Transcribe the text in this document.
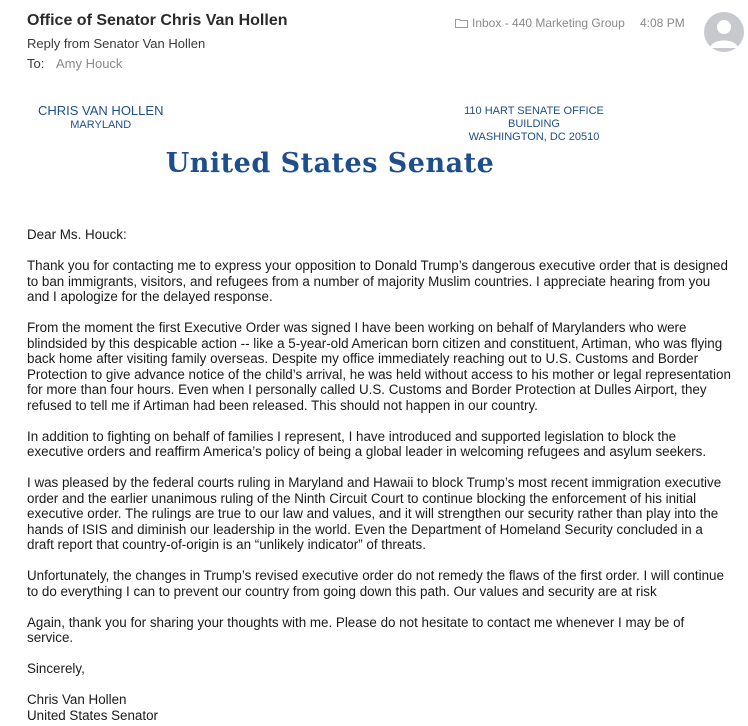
Office of Senator Chris Van Hollen
Reply from Senator Van Hollen
To: Amy Houck
Inbox - 440 Marketing Group 4:08 PM
CHRIS VAN HOLLEN
MARYLAND
110 HART SENATE OFFICE BUILDING
WASHINGTON, DC 20510
United States Senate

Dear Ms. Houck:

Thank you for contacting me to express your opposition to Donald Trump’s dangerous executive order that is designed to ban immigrants, visitors, and refugees from a number of majority Muslim countries. I appreciate hearing from you and I apologize for the delayed response.

From the moment the first Executive Order was signed I have been working on behalf of Marylanders who were blindsided by this despicable action -- like a 5-year-old American born citizen and constituent, Artiman, who was flying back home after visiting family overseas. Despite my office immediately reaching out to U.S. Customs and Border Protection to give advance notice of the child’s arrival, he was held without access to his mother or legal representation for more than four hours. Even when I personally called U.S. Customs and Border Protection at Dulles Airport, they refused to tell me if Artiman had been released. This should not happen in our country.

In addition to fighting on behalf of families I represent, I have introduced and supported legislation to block the executive orders and reaffirm America’s policy of being a global leader in welcoming refugees and asylum seekers.

I was pleased by the federal courts ruling in Maryland and Hawaii to block Trump’s most recent immigration executive order and the earlier unanimous ruling of the Ninth Circuit Court to continue blocking the enforcement of his initial executive order. The rulings are true to our law and values, and it will strengthen our security rather than play into the hands of ISIS and diminish our leadership in the world. Even the Department of Homeland Security concluded in a draft report that country-of-origin is an “unlikely indicator” of threats.

Unfortunately, the changes in Trump’s revised executive order do not remedy the flaws of the first order. I will continue to do everything I can to prevent our country from going down this path. Our values and security are at risk

Again, thank you for sharing your thoughts with me. Please do not hesitate to contact me whenever I may be of service.

Sincerely,

Chris Van Hollen

United States Senator
